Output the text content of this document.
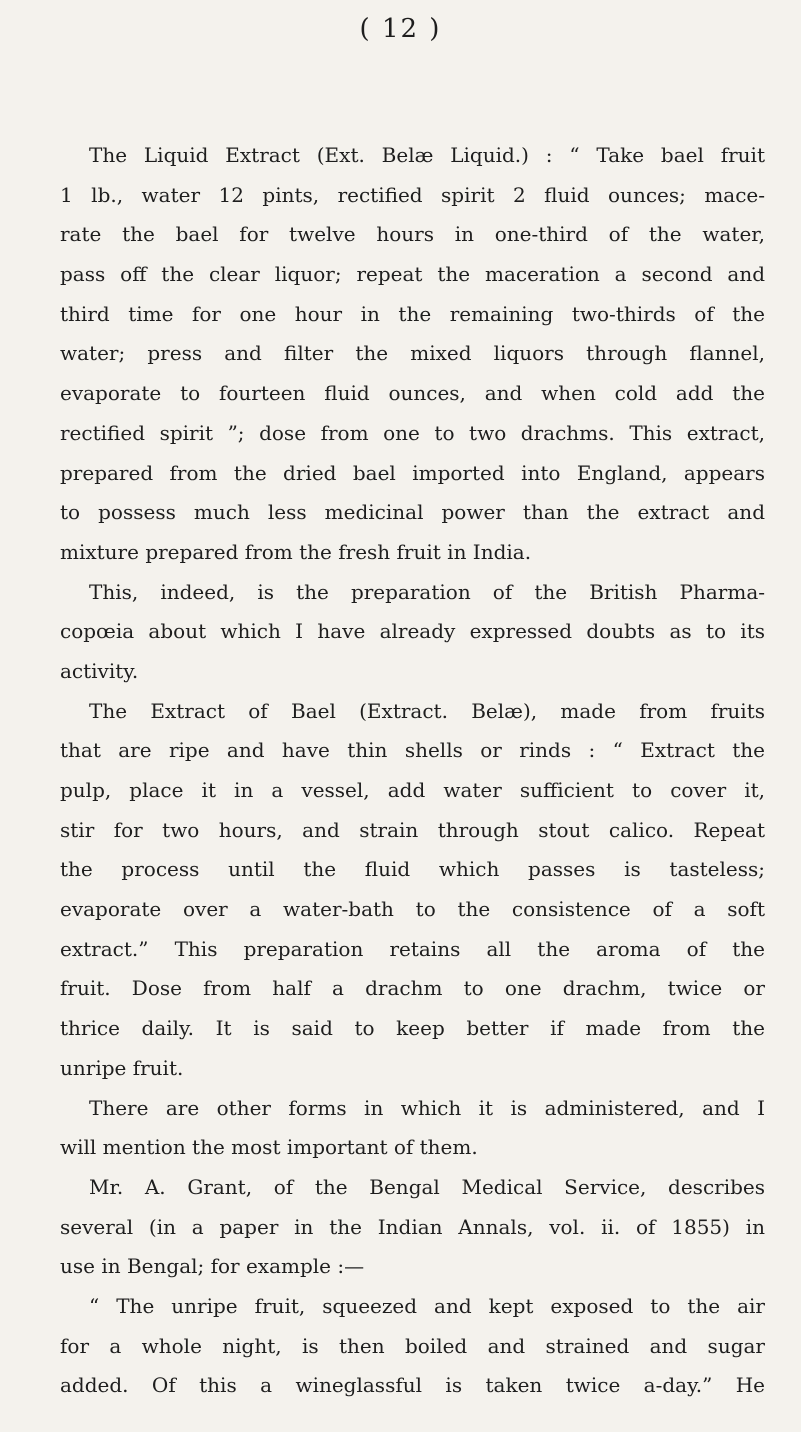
( 12 )
The Liquid Extract (Ext. Belæ Liquid.) : “ Take bael fruit
1 lb., water 12 pints, rectified spirit 2 fluid ounces; mace-
rate the bael for twelve hours in one-third of the water,
pass off the clear liquor; repeat the maceration a second and
third time for one hour in the remaining two-thirds of the
water; press and filter the mixed liquors through flannel,
evaporate to fourteen fluid ounces, and when cold add the
rectified spirit ”; dose from one to two drachms. This extract,
prepared from the dried bael imported into England, appears
to possess much less medicinal power than the extract and
mixture prepared from the fresh fruit in India.
This, indeed, is the preparation of the British Pharma-
copœia about which I have already expressed doubts as to its
activity.
The Extract of Bael (Extract. Belæ), made from fruits
that are ripe and have thin shells or rinds : “ Extract the
pulp, place it in a vessel, add water sufficient to cover it,
stir for two hours, and strain through stout calico. Repeat
the process until the fluid which passes is tasteless;
evaporate over a water-bath to the consistence of a soft
extract.” This preparation retains all the aroma of the
fruit. Dose from half a drachm to one drachm, twice or
thrice daily. It is said to keep better if made from the
unripe fruit.
There are other forms in which it is administered, and I
will mention the most important of them.
Mr. A. Grant, of the Bengal Medical Service, describes
several (in a paper in the Indian Annals, vol. ii. of 1855) in
use in Bengal; for example :—
“ The unripe fruit, squeezed and kept exposed to the air
for a whole night, is then boiled and strained and sugar
added. Of this a wineglassful is taken twice a-day.” He
